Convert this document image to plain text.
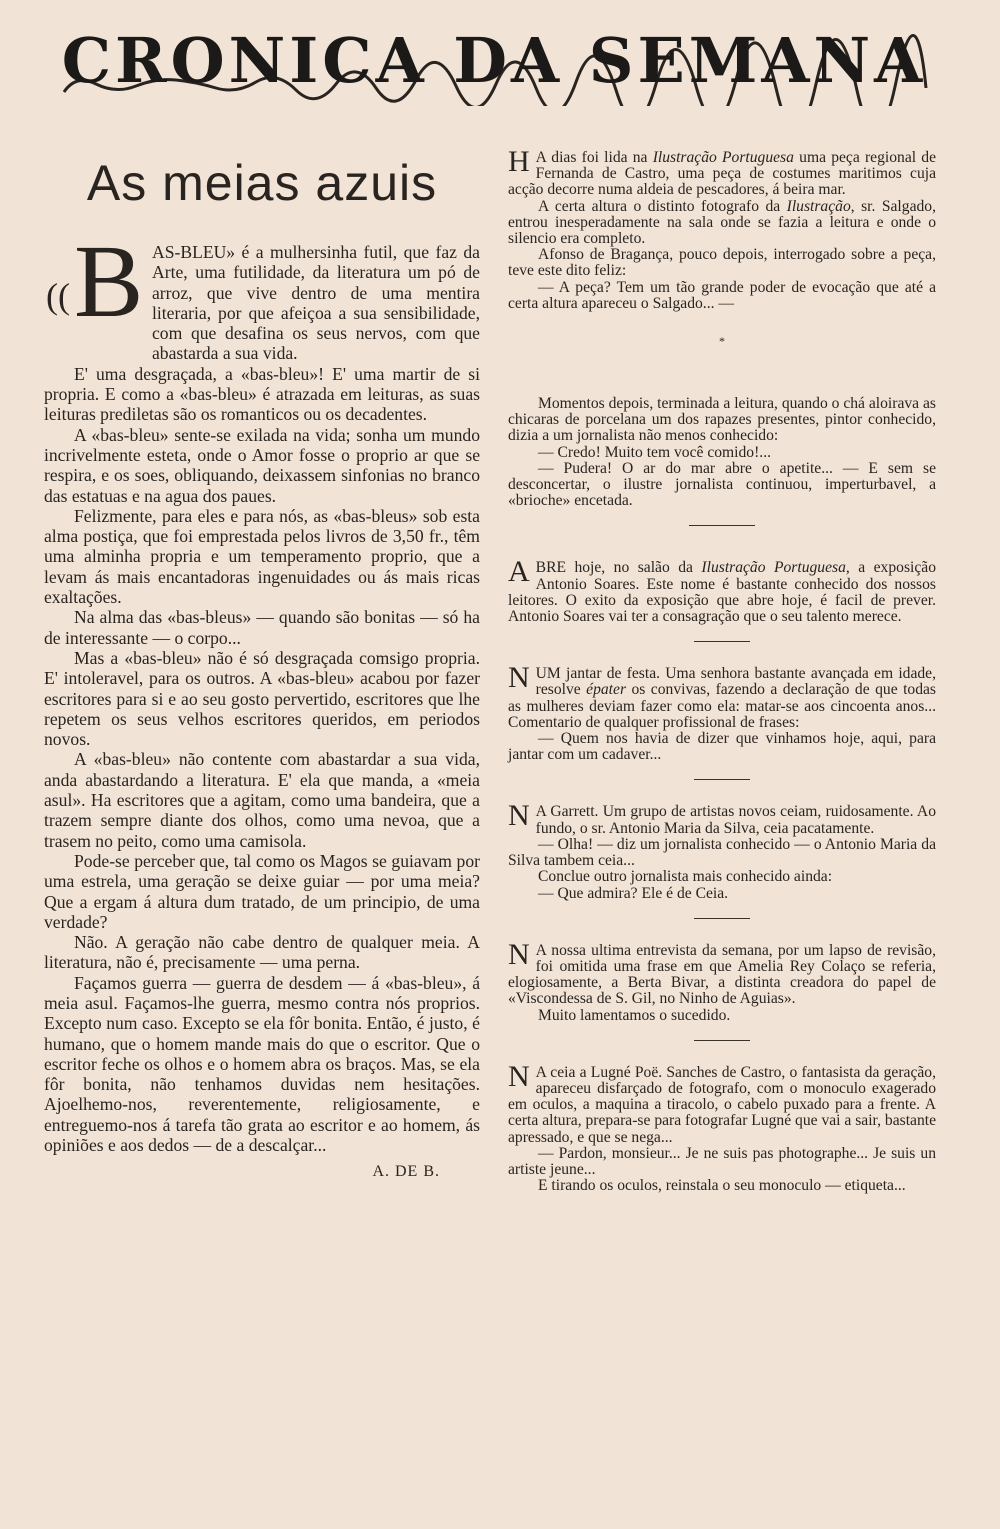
CRONICA DA SEMANA
As meias azuis
(( B AS-BLEU» é a mulhersinha futil, que faz da Arte, uma futilidade, da literatura um pó de arroz, que vive dentro de uma mentira literaria, por que afeiçoa a sua sensibilidade, com que desafina os seus nervos, com que abastarda a sua vida.

E' uma desgraçada, a «bas-bleu»! E' uma martir de si propria. E como a «bas-bleu» é atrazada em leituras, as suas leituras prediletas são os romanticos ou os decadentes.

A «bas-bleu» sente-se exilada na vida; sonha um mundo incrivelmente esteta, onde o Amor fosse o proprio ar que se respira, e os soes, obliquando, deixassem sinfonias no branco das estatuas e na agua dos paues.

Felizmente, para eles e para nós, as «bas-bleus» sob esta alma postiça, que foi emprestada pelos livros de 3,50 fr., têm uma alminha propria e um temperamento proprio, que a levam ás mais encantadoras ingenuidades ou ás mais ricas exaltações.

Na alma das «bas-bleus» — quando são bonitas — só ha de interessante — o corpo...

Mas a «bas-bleu» não é só desgraçada comsigo propria. E' intoleravel, para os outros. A «bas-bleu» acabou por fazer escritores para si e ao seu gosto pervertido, escritores que lhe repetem os seus velhos escritores queridos, em periodos novos.

A «bas-bleu» não contente com abastardar a sua vida, anda abastardando a literatura. E' ela que manda, a «meia asul». Ha escritores que a agitam, como uma bandeira, que a trazem sempre diante dos olhos, como uma nevoa, que a trasem no peito, como uma camisola.

Pode-se perceber que, tal como os Magos se guiavam por uma estrela, uma geração se deixe guiar — por uma meia? Que a ergam á altura dum tratado, de um principio, de uma verdade?

Não. A geração não cabe dentro de qualquer meia. A literatura, não é, precisamente — uma perna.

Façamos guerra — guerra de desdem — á «bas-bleu», á meia asul. Façamos-lhe guerra, mesmo contra nós proprios. Excepto num caso. Excepto se ela fôr bonita. Então, é justo, é humano, que o homem mande mais do que o escritor. Que o escritor feche os olhos e o homem abra os braços. Mas, se ela fôr bonita, não tenhamos duvidas nem hesitações. Ajoelhemo-nos, reverentemente, religiosamente, e entreguemo-nos á tarefa tão grata ao escritor e ao homem, ás opiniões e aos dedos — de a descalçar...

A. DE B.

H A dias foi lida na Ilustração Portuguesa uma peça regional de Fernanda de Castro, uma peça de costumes maritimos cuja acção decorre numa aldeia de pescadores, á beira mar.

A certa altura o distinto fotografo da Ilustração, sr. Salgado, entrou inesperadamente na sala onde se fazia a leitura e onde o silencio era completo.

Afonso de Bragança, pouco depois, interrogado sobre a peça, teve este dito feliz:

— A peça? Tem um tão grande poder de evocação que até a certa altura apareceu o Salgado... —

*

Momentos depois, terminada a leitura, quando o chá aloirava as chicaras de porcelana um dos rapazes presentes, pintor conhecido, dizia a um jornalista não menos conhecido:

— Credo! Muito tem você comido!...

— Pudera! O ar do mar abre o apetite... — E sem se desconcertar, o ilustre jornalista continuou, imperturbavel, a «brioche» encetada.

ABRE hoje, no salão da Ilustração Portuguesa, a exposição Antonio Soares. Este nome é bastante conhecido dos nossos leitores. O exito da exposição que abre hoje, é facil de prever. Antonio Soares vai ter a consagração que o seu talento merece.

NUM jantar de festa. Uma senhora bastante avançada em idade, resolve épater os convivas, fazendo a declaração de que todas as mulheres deviam fazer como ela: matar-se aos cincoenta anos... Comentario de qualquer profissional de frases:

— Quem nos havia de dizer que vinhamos hoje, aqui, para jantar com um cadaver...

N A Garrett. Um grupo de artistas novos ceiam, ruidosamente. Ao fundo, o sr. Antonio Maria da Silva, ceia pacatamente.

— Olha! — diz um jornalista conhecido — o Antonio Maria da Silva tambem ceia...

Conclue outro jornalista mais conhecido ainda:

— Que admira? Ele é de Ceia.

N A nossa ultima entrevista da semana, por um lapso de revisão, foi omitida uma frase em que Amelia Rey Colaço se referia, elogiosamente, a Berta Bivar, a distinta creadora do papel de «Viscondessa de S. Gil, no Ninho de Aguias».

Muito lamentamos o sucedido.

N A ceia a Lugné Poë. Sanches de Castro, o fantasista da geração, apareceu disfarçado de fotografo, com o monoculo exagerado em oculos, a maquina a tiracolo, o cabelo puxado para a frente. A certa altura, prepara-se para fotografar Lugné que vai a sair, bastante apressado, e que se nega...

— Pardon, monsieur... Je ne suis pas photographe... Je suis un artiste jeune...

E tirando os oculos, reinstala o seu monoculo — etiqueta...
